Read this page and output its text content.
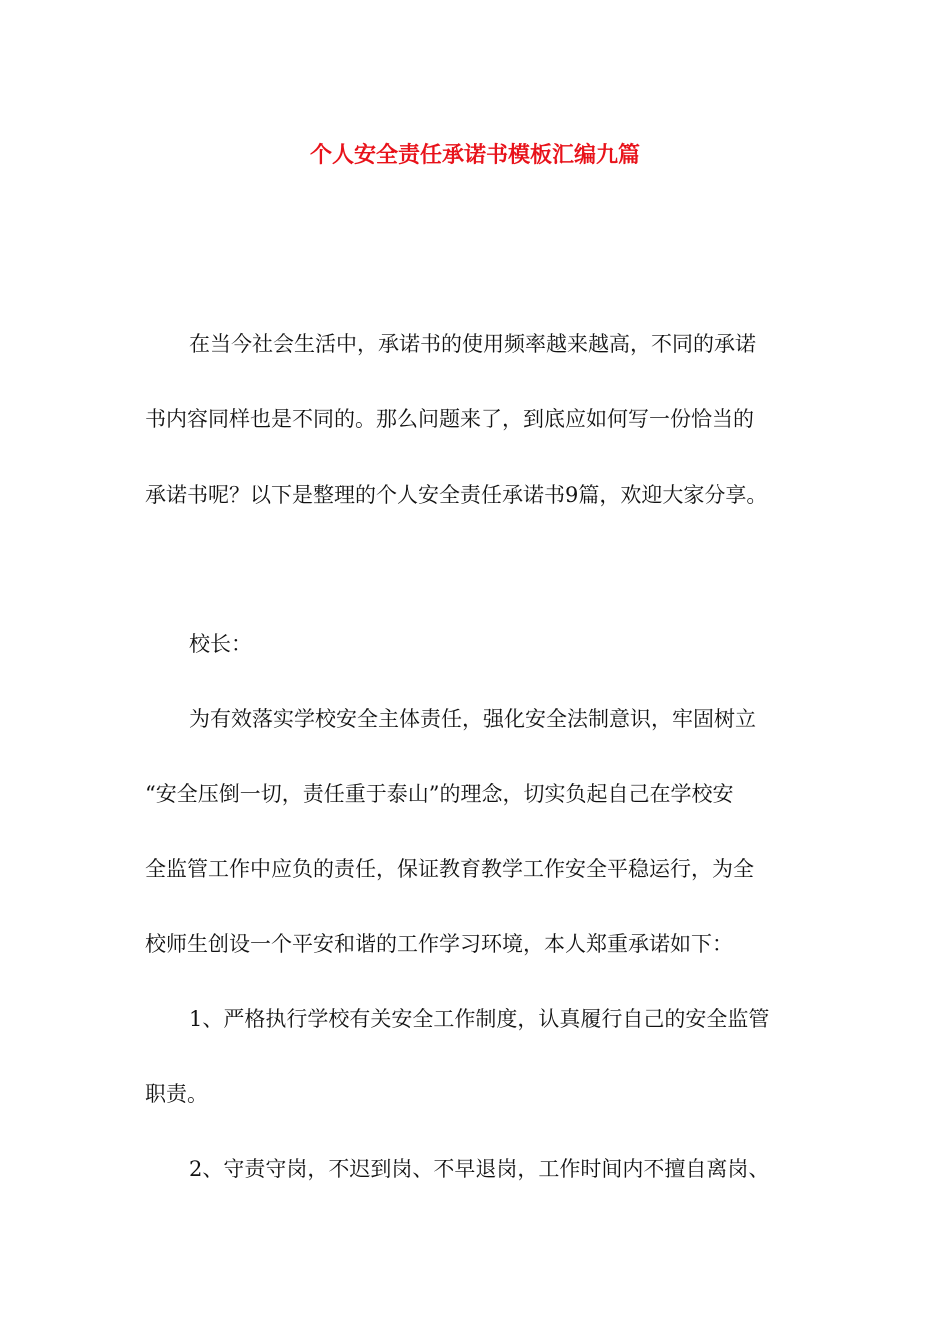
个人安全责任承诺书模板汇编九篇

在当今社会生活中，承诺书的使用频率越来越高，不同的承诺

书内容同样也是不同的。那么问题来了，到底应如何写一份恰当的

承诺书呢？以下是整理的个人安全责任承诺书9篇，欢迎大家分享。

校长：

为有效落实学校安全主体责任，强化安全法制意识，牢固树立

“安全压倒一切，责任重于泰山”的理念，切实负起自己在学校安

全监管工作中应负的责任，保证教育教学工作安全平稳运行，为全

校师生创设一个平安和谐的工作学习环境，本人郑重承诺如下：

1、严格执行学校有关安全工作制度，认真履行自己的安全监管

职责。

2、守责守岗，不迟到岗、不早退岗，工作时间内不擅自离岗、
